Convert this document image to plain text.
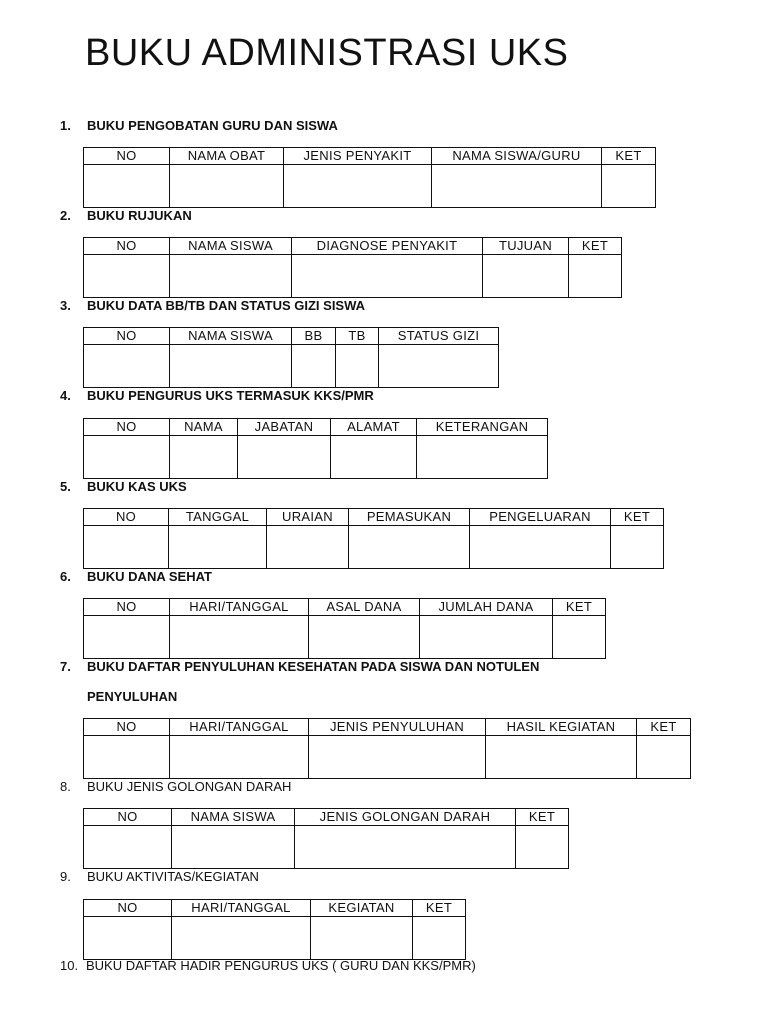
BUKU ADMINISTRASI UKS
1. BUKU PENGOBATAN GURU DAN SISWA
NO	NAMA OBAT	JENIS PENYAKIT	NAMA SISWA/GURU	KET

2. BUKU RUJUKAN
NO	NAMA SISWA	DIAGNOSE PENYAKIT	TUJUAN	KET

3. BUKU DATA BB/TB DAN STATUS GIZI SISWA
NO	NAMA SISWA	BB	TB	STATUS GIZI

4. BUKU PENGURUS UKS TERMASUK KKS/PMR
NO	NAMA	JABATAN	ALAMAT	KETERANGAN

5. BUKU KAS UKS
NO	TANGGAL	URAIAN	PEMASUKAN	PENGELUARAN	KET

6. BUKU DANA SEHAT
NO	HARI/TANGGAL	ASAL DANA	JUMLAH DANA	KET

7. BUKU DAFTAR PENYULUHAN KESEHATAN PADA SISWA DAN NOTULEN
PENYULUHAN
NO	HARI/TANGGAL	JENIS PENYULUHAN	HASIL KEGIATAN	KET

8. BUKU JENIS GOLONGAN DARAH
NO	NAMA SISWA	JENIS GOLONGAN DARAH	KET

9. BUKU AKTIVITAS/KEGIATAN
NO	HARI/TANGGAL	KEGIATAN	KET

10. BUKU DAFTAR HADIR PENGURUS UKS ( GURU DAN KKS/PMR)
